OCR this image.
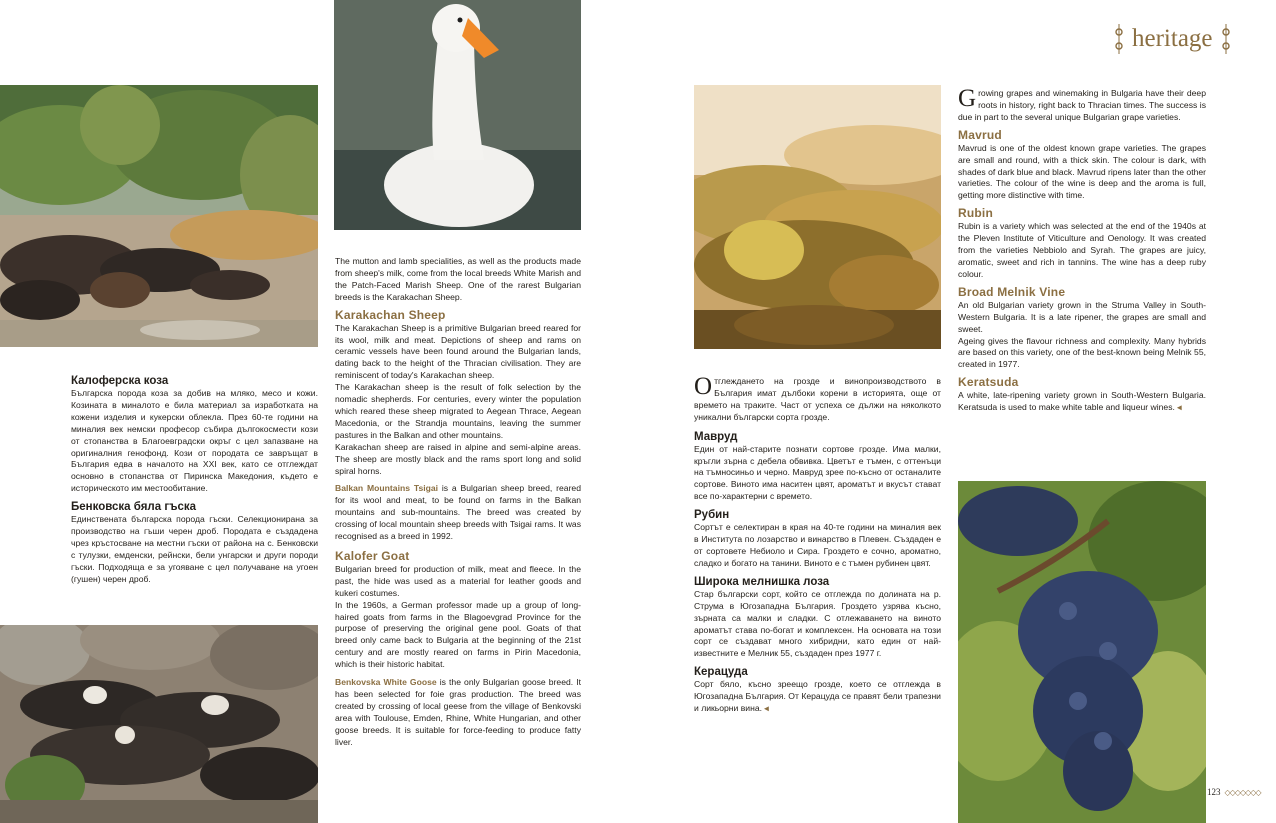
heritage

Калоферска коза

Българска порода коза за добив на мляко, месо и кожи. Козината в миналото е била материал за изработката на кожени изделия и кукерски облекла. През 60-те години на миналия век немски професор събира дългокосмести кози от стопанства в Благоевградски окръг с цел запазване на оригиналния генофонд. Кози от породата се завръщат в България едва в началото на XXI век, като се отглеждат основно в стопанства от Пиринска Македония, където е историческото им местообитание.

Бенковска бяла гъска

Единствената българска порода гъски. Селекционирана за производство на гъши черен дроб. Породата е създадена чрез кръстосване на местни гъски от района на с. Бенковски с тулузки, емденски, рейнски, бели унгарски и други породи гъски. Подходяща е за угояване с цел получаване на угоен (гушен) черен дроб.

The mutton and lamb specialities, as well as the products made from sheep's milk, come from the local breeds White Marish and the Patch-Faced Marish Sheep. One of the rarest Bulgarian breeds is the Karakachan Sheep.

Karakachan Sheep

The Karakachan Sheep is a primitive Bulgarian breed reared for its wool, milk and meat. Depictions of sheep and rams on ceramic vessels have been found around the Bulgarian lands, dating back to the height of the Thracian civilisation. They are reminiscent of today's Karakachan sheep.

The Karakachan sheep is the result of folk selection by the nomadic shepherds. For centuries, every winter the population which reared these sheep migrated to Aegean Thrace, Aegean Macedonia, or the Strandja mountains, leaving the summer pastures in the Balkan and other mountains.

Karakachan sheep are raised in alpine and semi-alpine areas. The sheep are mostly black and the rams sport long and solid spiral horns.

Balkan Mountains Tsigai is a Bulgarian sheep breed, reared for its wool and meat, to be found on farms in the Balkan mountains and sub-mountains. The breed was created by crossing of local mountain sheep breeds with Tsigai rams. It was recognised as a breed in 1992.

Kalofer Goat

Bulgarian breed for production of milk, meat and fleece. In the past, the hide was used as a material for leather goods and kukeri costumes.

In the 1960s, a German professor made up a group of long-haired goats from farms in the Blagoevgrad Province for the purpose of preserving the original gene pool. Goats of that breed only came back to Bulgaria at the beginning of the 21st century and are mostly reared on farms in Pirin Macedonia, which is their historic habitat.

Benkovska White Goose is the only Bulgarian goose breed. It has been selected for foie gras production. The breed was created by crossing of local geese from the village of Benkovski area with Toulouse, Emden, Rhine, White Hungarian, and other goose breeds. It is suitable for force-feeding to produce fatty liver.

Отглеждането на грозде и винопроизводството в България имат дълбоки корени в историята, още от времето на траките. Част от успеха се дължи на няколкото уникални български сорта грозде.

Мавруд

Един от най-старите познати сортове грозде. Има малки, кръгли зърна с дебела обвивка. Цветът е тъмен, с оттенъци на тъмносиньо и черно. Мавруд зрее по-късно от останалите сортове. Виното има наситен цвят, ароматът и вкусът стават все по-характерни с времето.

Рубин

Сортът е селектиран в края на 40-те години на миналия век в Института по лозарство и винарство в Плевен. Създаден е от сортовете Небиоло и Сира. Гроздето е сочно, ароматно, сладко и богато на танини. Виното е с тъмен рубинен цвят.

Широка мелнишка лоза

Стар български сорт, който се отглежда по долината на р. Струма в Югозападна България. Гроздето узрява късно, зърната са малки и сладки. С отлежаването на виното ароматът става по-богат и комплексен. На основата на този сорт се създават много хибридни, като един от най-известните е Мелник 55, създаден през 1977 г.

Керацуда

Сорт бяло, късно зреещо грозде, което се отглежда в Югозападна България. От Керацуда се правят бели трапезни и ликьорни вина. ◂

Growing grapes and winemaking in Bulgaria have their deep roots in history, right back to Thracian times. The success is due in part to the several unique Bulgarian grape varieties.

Mavrud

Mavrud is one of the oldest known grape varieties. The grapes are small and round, with a thick skin. The colour is dark, with shades of dark blue and black. Mavrud ripens later than the other varieties. The colour of the wine is deep and the aroma is full, getting more distinctive with time.

Rubin

Rubin is a variety which was selected at the end of the 1940s at the Pleven Institute of Viticulture and Oenology. It was created from the varieties Nebbiolo and Syrah. The grapes are juicy, aromatic, sweet and rich in tannins. The wine has a deep ruby colour.

Broad Melnik Vine

An old Bulgarian variety grown in the Struma Valley in South-Western Bulgaria. It is a late ripener, the grapes are small and sweet.

Ageing gives the flavour richness and complexity. Many hybrids are based on this variety, one of the best-known being Melnik 55, created in 1977.

Keratsuda

A white, late-ripening variety grown in South-Western Bulgaria. Keratsuda is used to make white table and liqueur wines. ◂

123 ◇◇◇◇◇◇◇
